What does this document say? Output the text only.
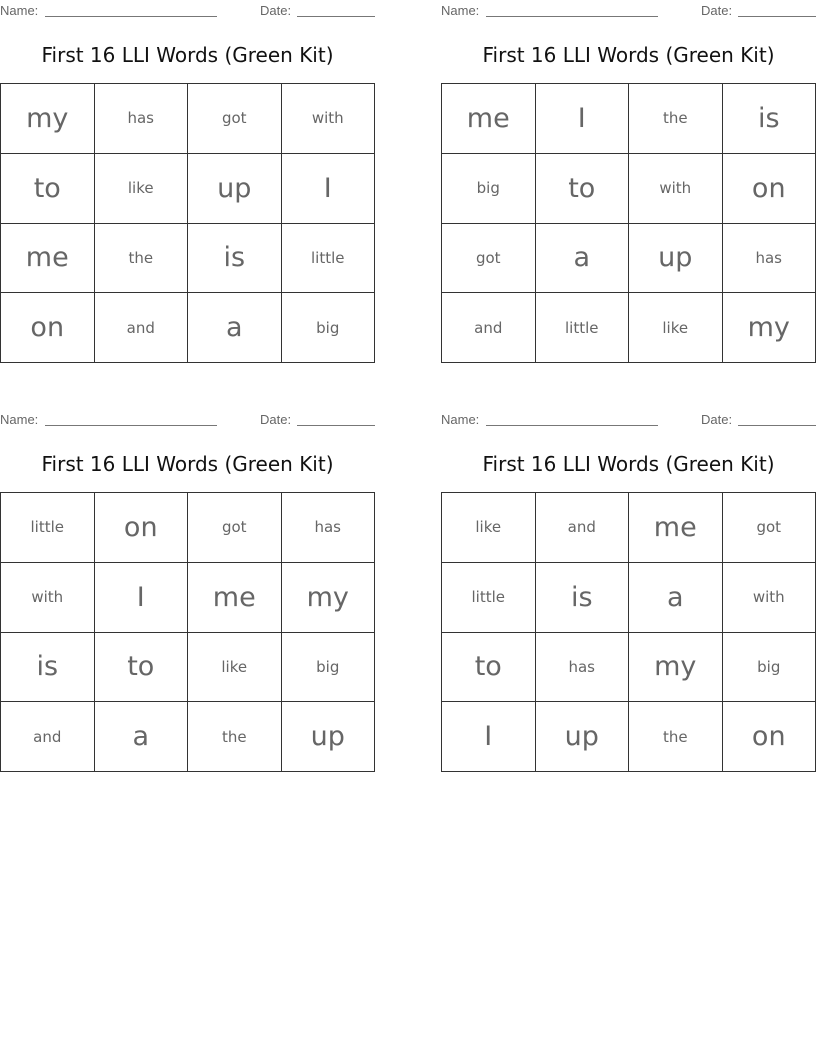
Name:	Date:
First 16 LLI Words (Green Kit)
my	has	got	with
to	like	up	I
me	the	is	little
on	and	a	big
Name:	Date:
First 16 LLI Words (Green Kit)
me	I	the	is
big	to	with	on
got	a	up	has
and	little	like	my
Name:	Date:
First 16 LLI Words (Green Kit)
little	on	got	has
with	I	me	my
is	to	like	big
and	a	the	up
Name:	Date:
First 16 LLI Words (Green Kit)
like	and	me	got
little	is	a	with
to	has	my	big
I	up	the	on
